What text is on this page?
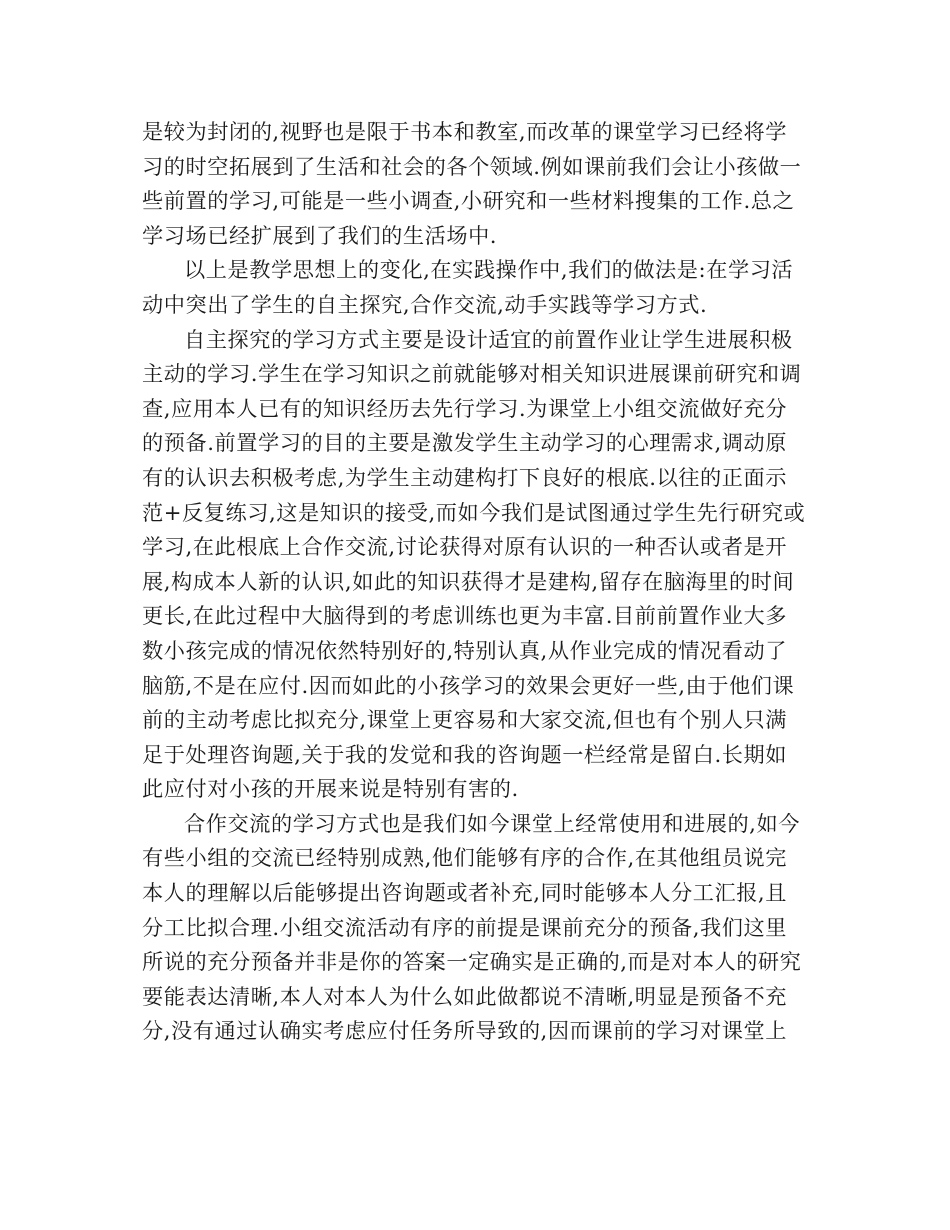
是较为封闭的,视野也是限于书本和教室,而改革的课堂学习已经将学
习的时空拓展到了生活和社会的各个领域.例如课前我们会让小孩做一
些前置的学习,可能是一些小调查,小研究和一些材料搜集的工作.总之
学习场已经扩展到了我们的生活场中.
以上是教学思想上的变化,在实践操作中,我们的做法是:在学习活
动中突出了学生的自主探究,合作交流,动手实践等学习方式.
自主探究的学习方式主要是设计适宜的前置作业让学生进展积极
主动的学习.学生在学习知识之前就能够对相关知识进展课前研究和调
查,应用本人已有的知识经历去先行学习.为课堂上小组交流做好充分
的预备.前置学习的目的主要是激发学生主动学习的心理需求,调动原
有的认识去积极考虑,为学生主动建构打下良好的根底.以往的正面示
范+反复练习,这是知识的接受,而如今我们是试图通过学生先行研究或
学习,在此根底上合作交流,讨论获得对原有认识的一种否认或者是开
展,构成本人新的认识,如此的知识获得才是建构,留存在脑海里的时间
更长,在此过程中大脑得到的考虑训练也更为丰富.目前前置作业大多
数小孩完成的情况依然特别好的,特别认真,从作业完成的情况看动了
脑筋,不是在应付.因而如此的小孩学习的效果会更好一些,由于他们课
前的主动考虑比拟充分,课堂上更容易和大家交流,但也有个别人只满
足于处理咨询题,关于我的发觉和我的咨询题一栏经常是留白.长期如
此应付对小孩的开展来说是特别有害的.
合作交流的学习方式也是我们如今课堂上经常使用和进展的,如今
有些小组的交流已经特别成熟,他们能够有序的合作,在其他组员说完
本人的理解以后能够提出咨询题或者补充,同时能够本人分工汇报,且
分工比拟合理.小组交流活动有序的前提是课前充分的预备,我们这里
所说的充分预备并非是你的答案一定确实是正确的,而是对本人的研究
要能表达清晰,本人对本人为什么如此做都说不清晰,明显是预备不充
分,没有通过认确实考虑应付任务所导致的,因而课前的学习对课堂上
